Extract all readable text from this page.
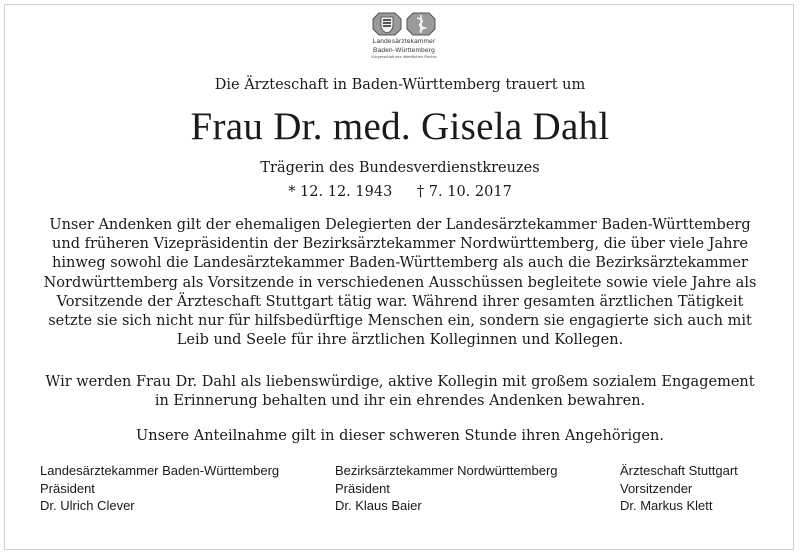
Landesärztekammer
Baden-Württemberg
Körperschaft des öffentlichen Rechts
Die Ärzteschaft in Baden-Württemberg trauert um
Frau Dr. med. Gisela Dahl
Trägerin des Bundesverdienstkreuzes
* 12. 12. 1943 † 7. 10. 2017
Unser Andenken gilt der ehemaligen Delegierten der Landesärztekammer Baden-Württemberg und früheren Vizepräsidentin der Bezirksärztekammer Nordwürttemberg, die über viele Jahre hinweg sowohl die Landesärztekammer Baden-Württemberg als auch die Bezirksärztekammer Nordwürttemberg als Vorsitzende in verschiedenen Ausschüssen begleitete sowie viele Jahre als Vorsitzende der Ärzteschaft Stuttgart tätig war. Während ihrer gesamten ärztlichen Tätigkeit setzte sie sich nicht nur für hilfsbedürftige Menschen ein, sondern sie engagierte sich auch mit Leib und Seele für ihre ärztlichen Kolleginnen und Kollegen.
Wir werden Frau Dr. Dahl als liebenswürdige, aktive Kollegin mit großem sozialem Engagement in Erinnerung behalten und ihr ein ehrendes Andenken bewahren.
Unsere Anteilnahme gilt in dieser schweren Stunde ihren Angehörigen.
Landesärztekammer Baden-Württemberg
Präsident
Dr. Ulrich Clever
Bezirksärztekammer Nordwürttemberg
Präsident
Dr. Klaus Baier
Ärzteschaft Stuttgart
Vorsitzender
Dr. Markus Klett
